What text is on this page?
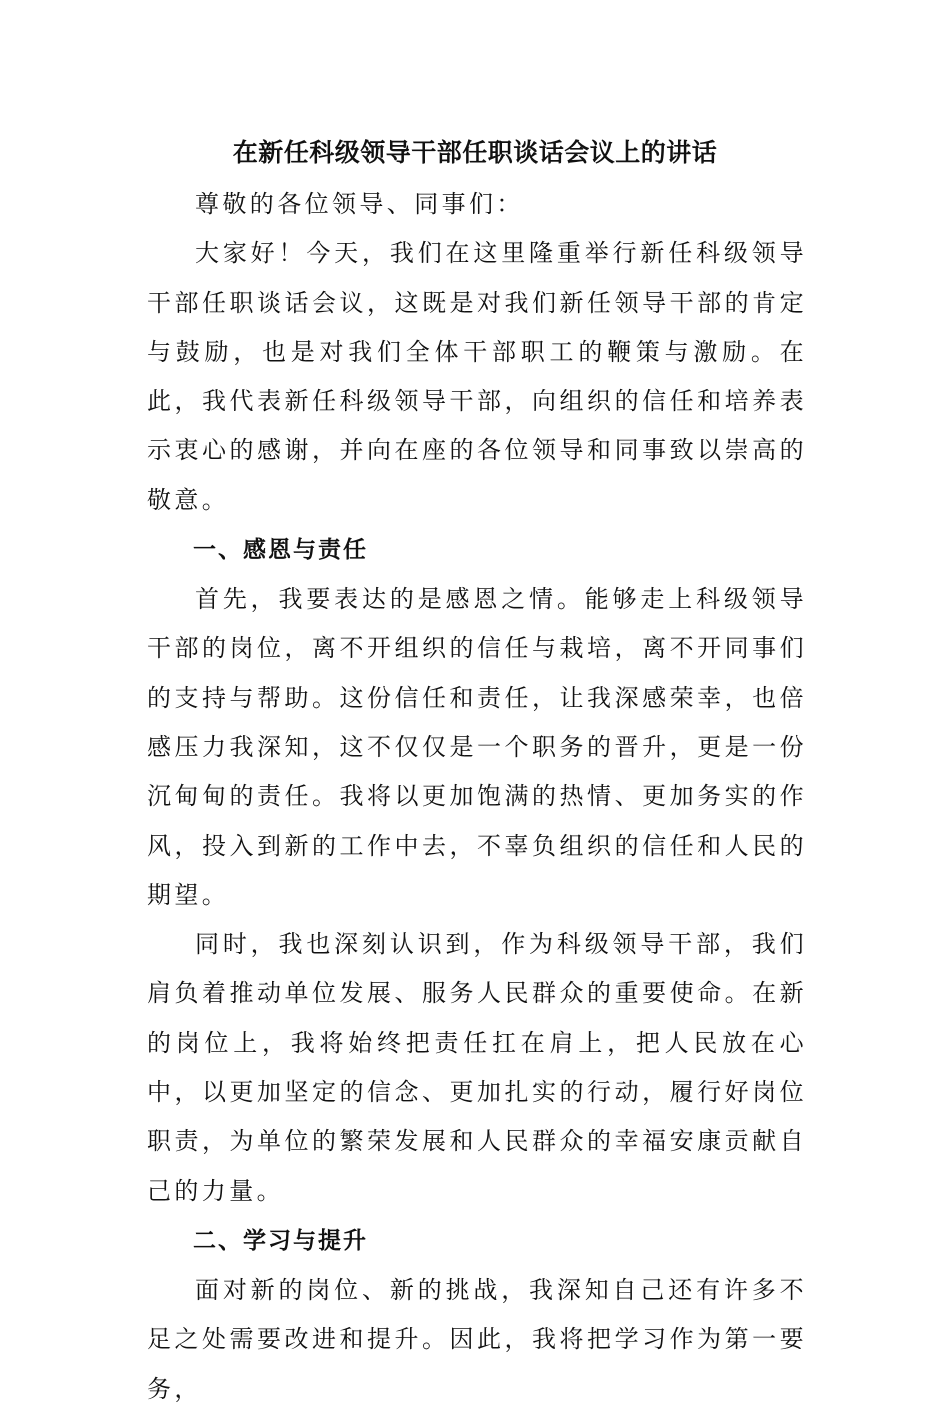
在新任科级领导干部任职谈话会议上的讲话

尊敬的各位领导、同事们：

大家好！今天，我们在这里隆重举行新任科级领导干部任职谈话会议，这既是对我们新任领导干部的肯定与鼓励，也是对我们全体干部职工的鞭策与激励。在此，我代表新任科级领导干部，向组织的信任和培养表示衷心的感谢，并向在座的各位领导和同事致以崇高的敬意。

一、感恩与责任

首先，我要表达的是感恩之情。能够走上科级领导干部的岗位，离不开组织的信任与栽培，离不开同事们的支持与帮助。这份信任和责任，让我深感荣幸，也倍感压力我深知，这不仅仅是一个职务的晋升，更是一份沉甸甸的责任。我将以更加饱满的热情、更加务实的作风，投入到新的工作中去，不辜负组织的信任和人民的期望。

同时，我也深刻认识到，作为科级领导干部，我们肩负着推动单位发展、服务人民群众的重要使命。在新的岗位上，我将始终把责任扛在肩上，把人民放在心中，以更加坚定的信念、更加扎实的行动，履行好岗位职责，为单位的繁荣发展和人民群众的幸福安康贡献自己的力量。

二、学习与提升

面对新的岗位、新的挑战，我深知自己还有许多不足之处需要改进和提升。因此，我将把学习作为第一要务，
